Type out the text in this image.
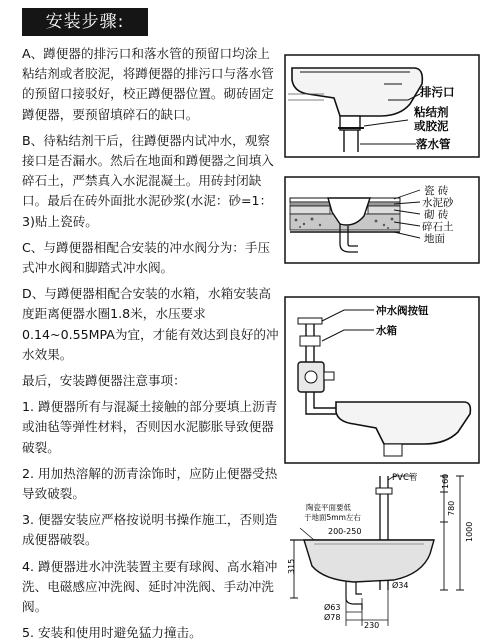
安装步骤:

A、蹲便器的排污口和落水管的预留口均涂上粘结剂或者胶泥，将蹲便器的排污口与落水管的预留口接驳好，校正蹲便器位置。砌砖固定蹲便器，要预留填碎石的缺口。

B、待粘结剂干后，往蹲便器内试冲水，观察接口是否漏水。然后在地面和蹲便器之间填入碎石土，严禁真入水泥混凝土。用砖封闭缺口。最后在砖外面批水泥砂浆(水泥：砂=1：3)贴上瓷砖。

C、与蹲便器相配合安装的冲水阀分为：手压式冲水阀和脚踏式冲水阀。

D、与蹲便器相配合安装的水箱，水箱安装高度距离便器水圈1.8米，水压要求0.14~0.55MPA为宜，才能有效达到良好的冲水效果。

最后，安装蹲便器注意事项：

1. 蹲便器所有与混凝土接触的部分要填上沥青或油毡等弹性材料，否则因水泥膨胀导致便器破裂。

2. 用加热溶解的沥青涂饰时，应防止便器受热导致破裂。

3. 便器安装应严格按说明书操作施工，否则造成便器破裂。

4. 蹲便器进水冲洗装置主要有球阀、高水箱冲洗、电磁感应冲洗阀、延时冲洗阀、手动冲洗阀。

5. 安装和使用时避免猛力撞击。

排污口
粘结剂
或胶泥
落水管
瓷 砖
水泥砂
砌 砖
碎石土
地面
冲水阀按钮
水箱
160
780
1000
315
PVC管
陶瓷平面要低
于地面5mm左右
200-250
Ø34
Ø63
Ø78
230
